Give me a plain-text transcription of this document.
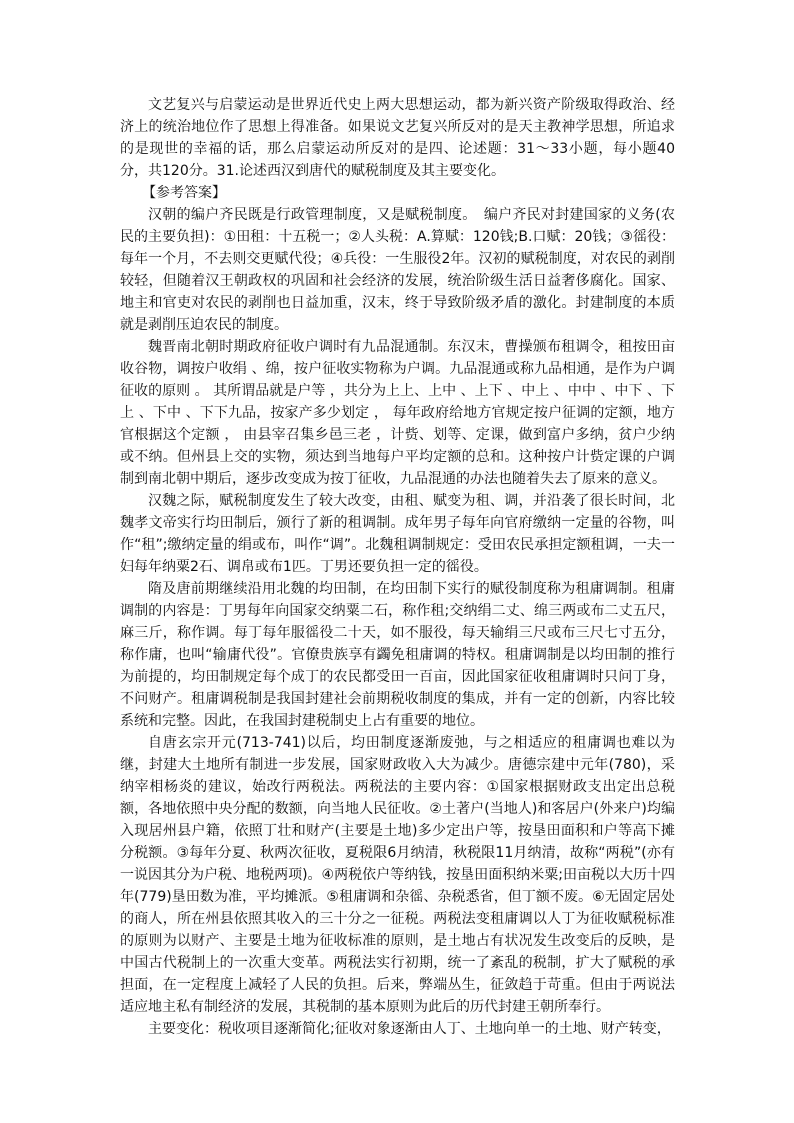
文艺复兴与启蒙运动是世界近代史上两大思想运动，都为新兴资产阶级取得政治、经济上的统治地位作了思想上得准备。如果说文艺复兴所反对的是天主教神学思想，所追求的是现世的幸福的话，那么启蒙运动所反对的是四、论述题：31～33小题，每小题40分，共120分。31.论述西汉到唐代的赋税制度及其主要变化。

【参考答案】

汉朝的编户齐民既是行政管理制度，又是赋税制度。　编户齐民对封建国家的义务(农民的主要负担)：①田租：十五税一；②人头税：A.算赋：120钱;B.口赋：20钱；③徭役：每年一个月，不去则交更赋代役；④兵役：一生服役2年。汉初的赋税制度，对农民的剥削较轻，但随着汉王朝政权的巩固和社会经济的发展，统治阶级生活日益奢侈腐化。国家、地主和官吏对农民的剥削也日益加重，汉末，终于导致阶级矛盾的激化。封建制度的本质就是剥削压迫农民的制度。

魏晋南北朝时期政府征收户调时有九品混通制。东汉末，曹操颁布租调令，租按田亩收谷物，调按户收绢 、绵，按户征收实物称为户调。九品混通或称九品相通，是作为户调征收的原则 。 其所谓品就是户等 ，共分为上上、上中 、上下 、中上 、中中 、中下 、下上 、下中 、下下九品，按家产多少划定 ， 每年政府给地方官规定按户征调的定额，地方官根据这个定额 ， 由县宰召集乡邑三老 ，计赀、划等、定课，做到富户多纳，贫户少纳或不纳。但州县上交的实物，须达到当地每户平均定额的总和。这种按户计赀定课的户调制到南北朝中期后，逐步改变成为按丁征收，九品混通的办法也随着失去了原来的意义。

汉魏之际，赋税制度发生了较大改变，由租、赋变为租、调，并沿袭了很长时间，北魏孝文帝实行均田制后，颁行了新的租调制。成年男子每年向官府缴纳一定量的谷物，叫作“租”;缴纳定量的绢或布，叫作“调”。北魏租调制规定：受田农民承担定额租调，一夫一妇每年纳粟2石、调帛或布1匹。丁男还要负担一定的徭役。

隋及唐前期继续沿用北魏的均田制，在均田制下实行的赋役制度称为租庸调制。租庸调制的内容是：丁男每年向国家交纳粟二石，称作租;交纳绢二丈、绵三两或布二丈五尺，麻三斤，称作调。每丁每年服徭役二十天，如不服役，每天输绢三尺或布三尺七寸五分，称作庸，也叫“输庸代役”。官僚贵族享有蠲免租庸调的特权。租庸调制是以均田制的推行为前提的，均田制规定每个成丁的农民都受田一百亩，因此国家征收租庸调时只问丁身，不问财产。租庸调税制是我国封建社会前期税收制度的集成，并有一定的创新，内容比较系统和完整。因此，在我国封建税制史上占有重要的地位。

自唐玄宗开元(713-741)以后，均田制度逐渐废弛，与之相适应的租庸调也难以为继，封建大土地所有制进一步发展，国家财政收入大为减少。唐德宗建中元年(780)，采纳宰相杨炎的建议，始改行两税法。两税法的主要内容：①国家根据财政支出定出总税额，各地依照中央分配的数额，向当地人民征收。②土著户(当地人)和客居户(外来户)均编入现居州县户籍，依照丁壮和财产(主要是土地)多少定出户等，按垦田面积和户等高下摊分税额。③每年分夏、秋两次征收，夏税限6月纳清，秋税限11月纳清，故称“两税”(亦有一说因其分为户税、地税两项)。④两税依户等纳钱，按垦田面积纳米粟;田亩税以大历十四年(779)垦田数为准，平均摊派。⑤租庸调和杂徭、杂税悉省，但丁额不废。⑥无固定居处的商人，所在州县依照其收入的三十分之一征税。两税法变租庸调以人丁为征收赋税标准的原则为以财产、主要是土地为征收标准的原则，是土地占有状况发生改变后的反映，是中国古代税制上的一次重大变革。两税法实行初期，统一了紊乱的税制，扩大了赋税的承担面，在一定程度上减轻了人民的负担。后来，弊端丛生，征敛趋于苛重。但由于两说法适应地主私有制经济的发展，其税制的基本原则为此后的历代封建王朝所奉行。

主要变化：税收项目逐渐简化;征收对象逐渐由人丁、土地向单一的土地、财产转变，
